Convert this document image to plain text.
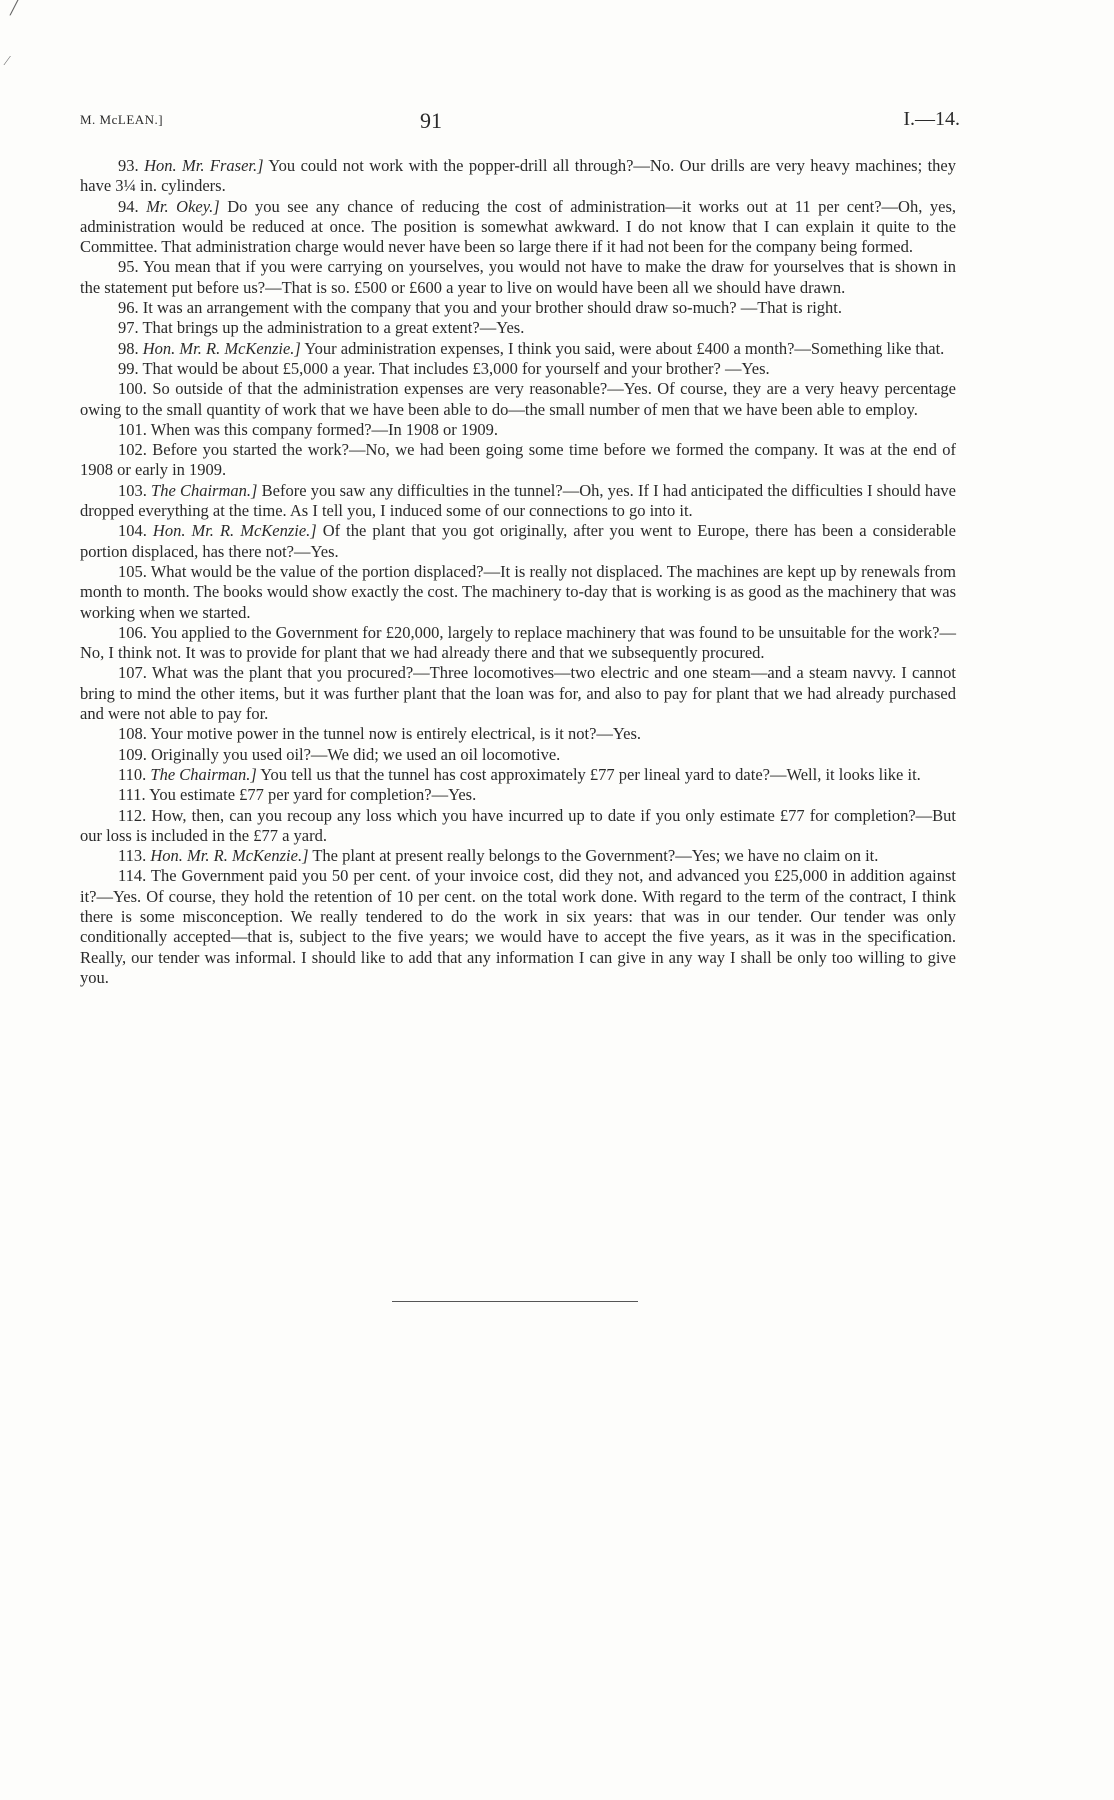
╱
⁄
M. McLEAN.]	91	I.—14.

93. Hon. Mr. Fraser.] You could not work with the popper-drill all through?—No. Our drills are very heavy machines; they have 3¼ in. cylinders.

94. Mr. Okey.] Do you see any chance of reducing the cost of administration—it works out at 11 per cent?—Oh, yes, administration would be reduced at once. The position is somewhat awkward. I do not know that I can explain it quite to the Committee. That administration charge would never have been so large there if it had not been for the company being formed.

95. You mean that if you were carrying on yourselves, you would not have to make the draw for yourselves that is shown in the statement put before us?—That is so. £500 or £600 a year to live on would have been all we should have drawn.

96. It was an arrangement with the company that you and your brother should draw so-much? —That is right.

97. That brings up the administration to a great extent?—Yes.

98. Hon. Mr. R. McKenzie.] Your administration expenses, I think you said, were about £400 a month?—Something like that.

99. That would be about £5,000 a year. That includes £3,000 for yourself and your brother? —Yes.

100. So outside of that the administration expenses are very reasonable?—Yes. Of course, they are a very heavy percentage owing to the small quantity of work that we have been able to do—the small number of men that we have been able to employ.

101. When was this company formed?—In 1908 or 1909.

102. Before you started the work?—No, we had been going some time before we formed the company. It was at the end of 1908 or early in 1909.

103. The Chairman.] Before you saw any difficulties in the tunnel?—Oh, yes. If I had anticipated the difficulties I should have dropped everything at the time. As I tell you, I induced some of our connections to go into it.

104. Hon. Mr. R. McKenzie.] Of the plant that you got originally, after you went to Europe, there has been a considerable portion displaced, has there not?—Yes.

105. What would be the value of the portion displaced?—It is really not displaced. The machines are kept up by renewals from month to month. The books would show exactly the cost. The machinery to-day that is working is as good as the machinery that was working when we started.

106. You applied to the Government for £20,000, largely to replace machinery that was found to be unsuitable for the work?—No, I think not. It was to provide for plant that we had already there and that we subsequently procured.

107. What was the plant that you procured?—Three locomotives—two electric and one steam—and a steam navvy. I cannot bring to mind the other items, but it was further plant that the loan was for, and also to pay for plant that we had already purchased and were not able to pay for.

108. Your motive power in the tunnel now is entirely electrical, is it not?—Yes.

109. Originally you used oil?—We did; we used an oil locomotive.

110. The Chairman.] You tell us that the tunnel has cost approximately £77 per lineal yard to date?—Well, it looks like it.

111. You estimate £77 per yard for completion?—Yes.

112. How, then, can you recoup any loss which you have incurred up to date if you only estimate £77 for completion?—But our loss is included in the £77 a yard.

113. Hon. Mr. R. McKenzie.] The plant at present really belongs to the Government?—Yes; we have no claim on it.

114. The Government paid you 50 per cent. of your invoice cost, did they not, and advanced you £25,000 in addition against it?—Yes. Of course, they hold the retention of 10 per cent. on the total work done. With regard to the term of the contract, I think there is some misconception. We really tendered to do the work in six years: that was in our tender. Our tender was only conditionally accepted—that is, subject to the five years; we would have to accept the five years, as it was in the specification. Really, our tender was informal. I should like to add that any information I can give in any way I shall be only too willing to give you.
